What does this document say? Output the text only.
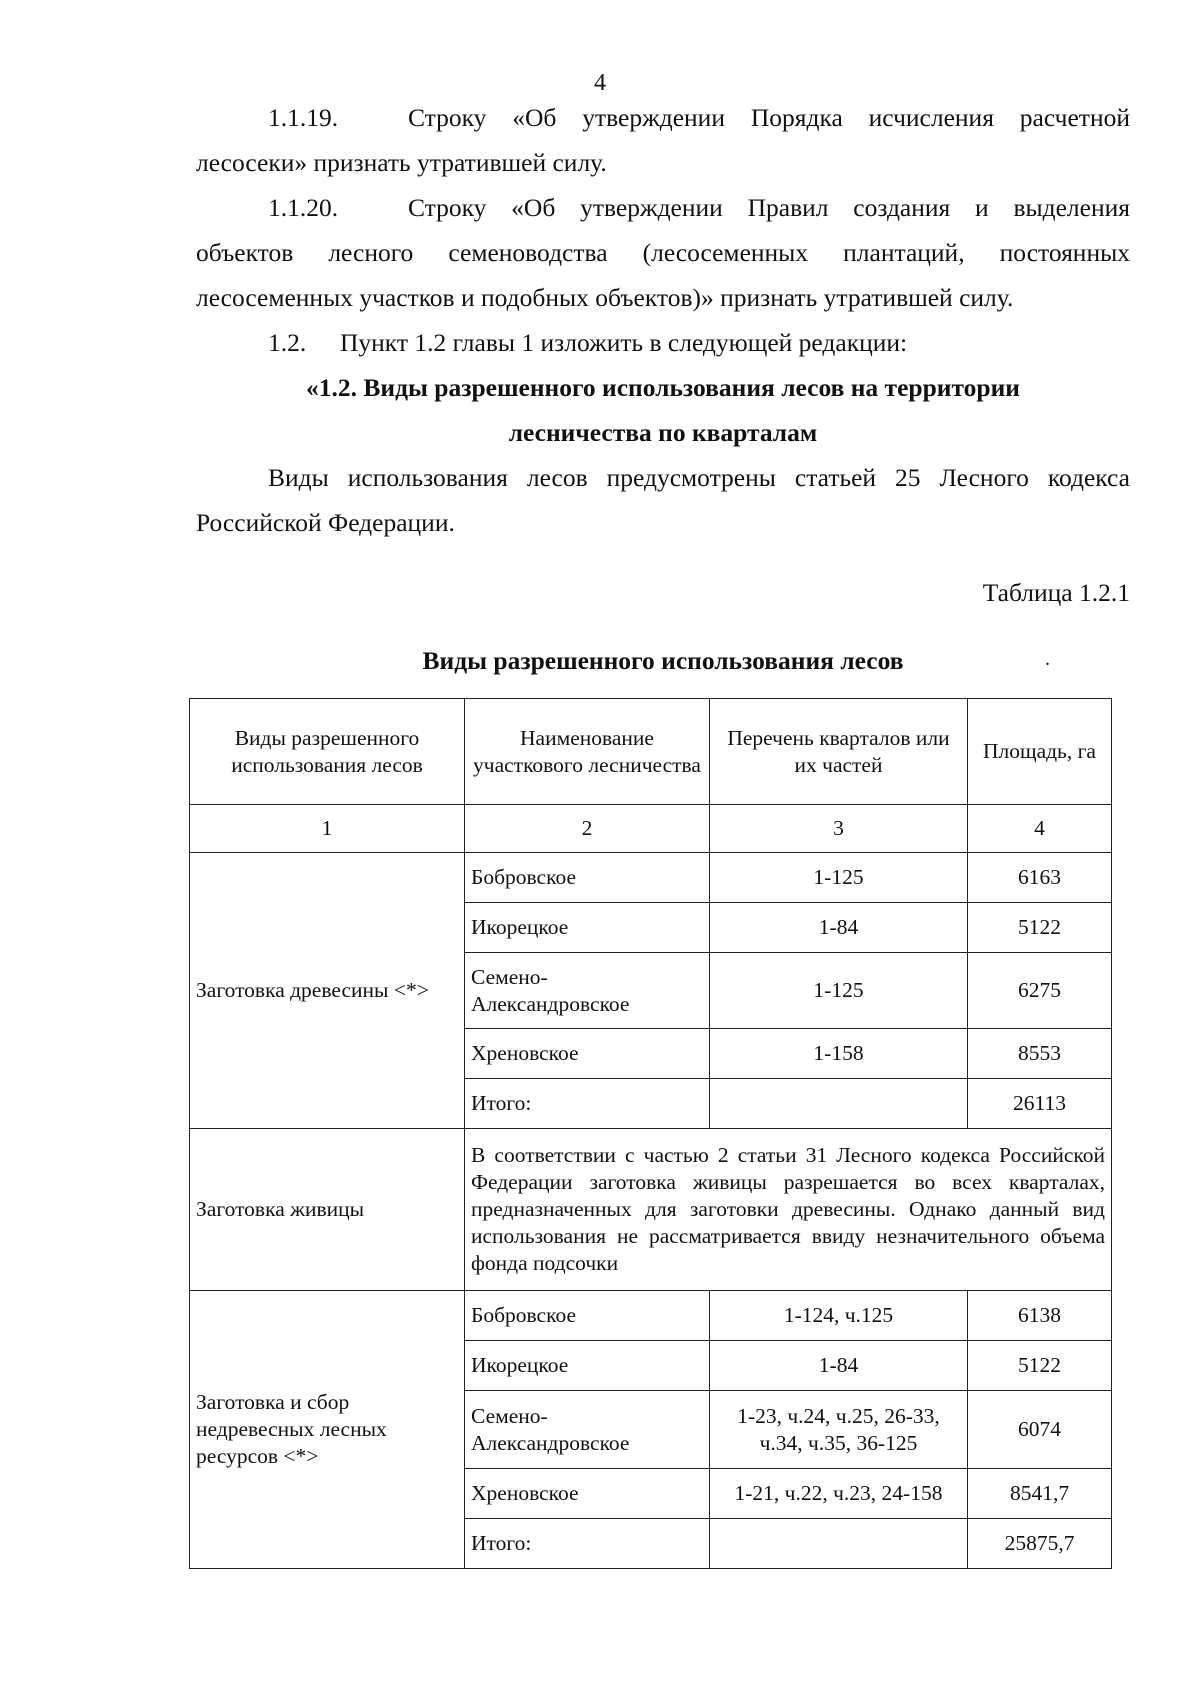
4

1.1.19.	Строку «Об утверждении Порядка исчисления расчетной
лесосеки» признать утратившей силу.

1.1.20.	Строку «Об утверждении Правил создания и выделения
объектов лесного семеноводства (лесосеменных плантаций, постоянных
лесосеменных участков и подобных объектов)» признать утратившей силу.

1.2. Пункт 1.2 главы 1 изложить в следующей редакции:

«1.2. Виды разрешенного использования лесов на территории
лесничества по кварталам

Виды использования лесов предусмотрены статьей 25 Лесного кодекса
Российской Федерации.

Таблица 1.2.1

Виды разрешенного использования лесов	.
Виды разрешенного использования лесов	Наименование участкового лесничества	Перечень кварталов или их частей	Площадь, га
1	2	3	4
Заготовка древесины <*>	Бобровское	1-125	6163
	Икорецкое	1-84	5122
	Семено-Александровское	1-125	6275
	Хреновское	1-158	8553
	Итого:		26113
Заготовка живицы	В соответствии с частью 2 статьи 31 Лесного кодекса Российской Федерации заготовка живицы разрешается во всех кварталах, предназначенных для заготовки древесины. Однако данный вид использования не рассматривается ввиду незначительного объема фонда подсочки		
Заготовка и сбор недревесных лесных ресурсов <*>	Бобровское	1-124, ч.125	6138
	Икорецкое	1-84	5122
	Семено-Александровское	1-23, ч.24, ч.25, 26-33, ч.34, ч.35, 36-125	6074
	Хреновское	1-21, ч.22, ч.23, 24-158	8541,7
	Итого:		25875,7
